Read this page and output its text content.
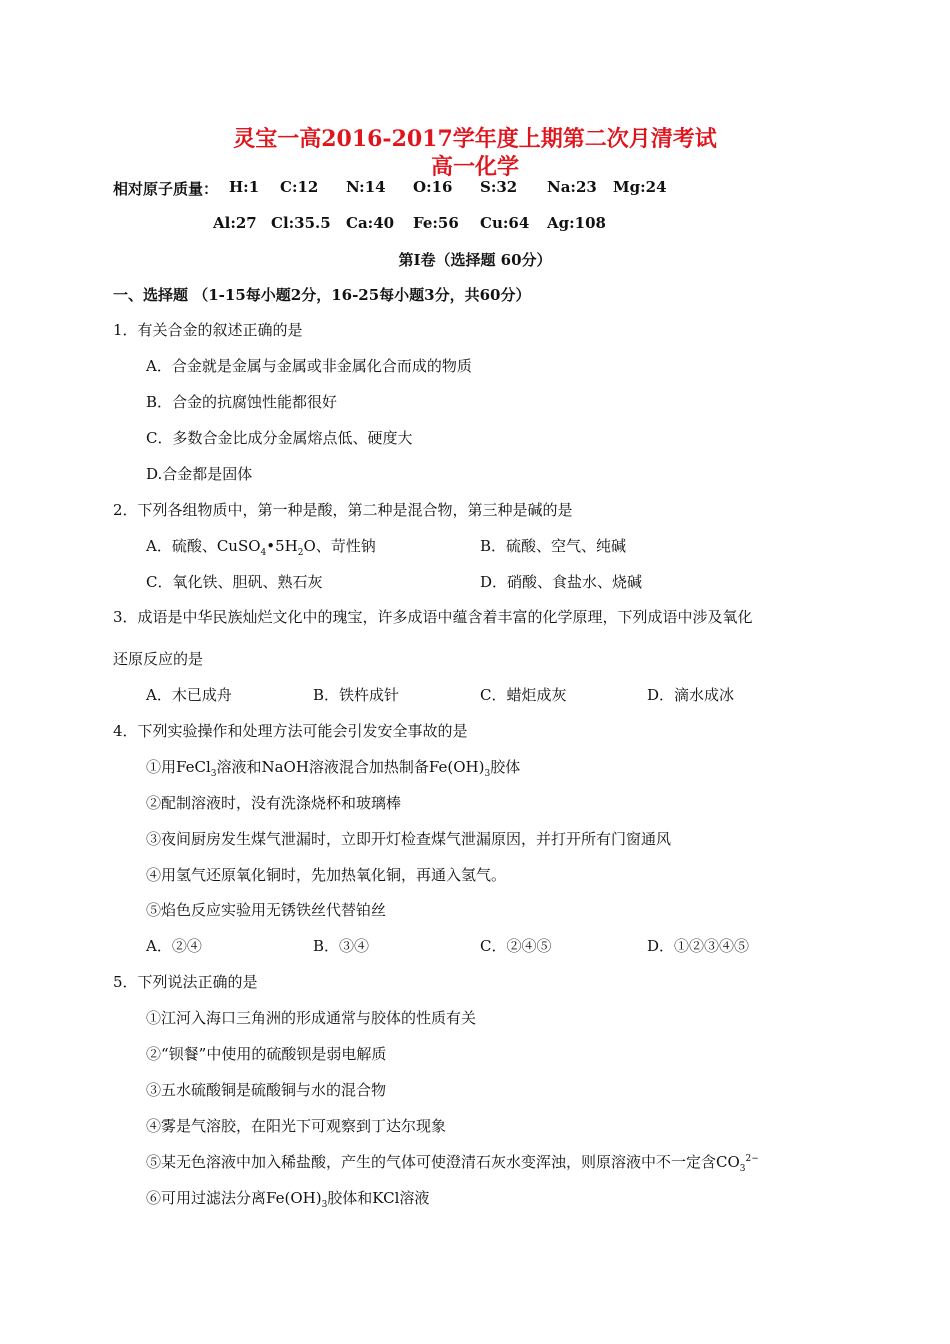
灵宝一高2016-2017学年度上期第二次月清考试
高一化学
相对原子质量： H:1 C:12 N:14 O:16 S:32 Na:23 Mg:24
Al:27 Cl:35.5 Ca:40 Fe:56 Cu:64 Ag:108
第Ⅰ卷（选择题 60分）
一、选择题 （1-15每小题2分，16-25每小题3分，共60分）
1．有关合金的叙述正确的是
A．合金就是金属与金属或非金属化合而成的物质
B．合金的抗腐蚀性能都很好
C．多数合金比成分金属熔点低、硬度大
D.合金都是固体
2．下列各组物质中，第一种是酸，第二种是混合物，第三种是碱的是
A．硫酸、$CuSO_4•5H_2O$、苛性钠	B．硫酸、空气、纯碱
C．氧化铁、胆矾、熟石灰	D．硝酸、食盐水、烧碱
3．成语是中华民族灿烂文化中的瑰宝，许多成语中蕴含着丰富的化学原理，下列成语中涉及氧化
还原反应的是
A．木已成舟	B．铁杵成针	C．蜡炬成灰	D．滴水成冰
4．下列实验操作和处理方法可能会引发安全事故的是
①用FeCl$_3$溶液和NaOH溶液混合加热制备$Fe(OH)_3$胶体
②配制溶液时，没有洗涤烧杯和玻璃棒
③夜间厨房发生煤气泄漏时，立即开灯检查煤气泄漏原因，并打开所有门窗通风
④用氢气还原氧化铜时，先加热氧化铜，再通入氢气。
⑤焰色反应实验用无锈铁丝代替铂丝
A．②④	B．③④	C．②④⑤	D．①②③④⑤
5．下列说法正确的是
①江河入海口三角洲的形成通常与胶体的性质有关
②“钡餐”中使用的硫酸钡是弱电解质
③五水硫酸铜是硫酸铜与水的混合物
④雾是气溶胶，在阳光下可观察到丁达尔现象
⑤某无色溶液中加入稀盐酸，产生的气体可使澄清石灰水变浑浊，则原溶液中不一定含$CO_3^{2-}$
⑥可用过滤法分离$Fe(OH)_3$胶体和KCl溶液
